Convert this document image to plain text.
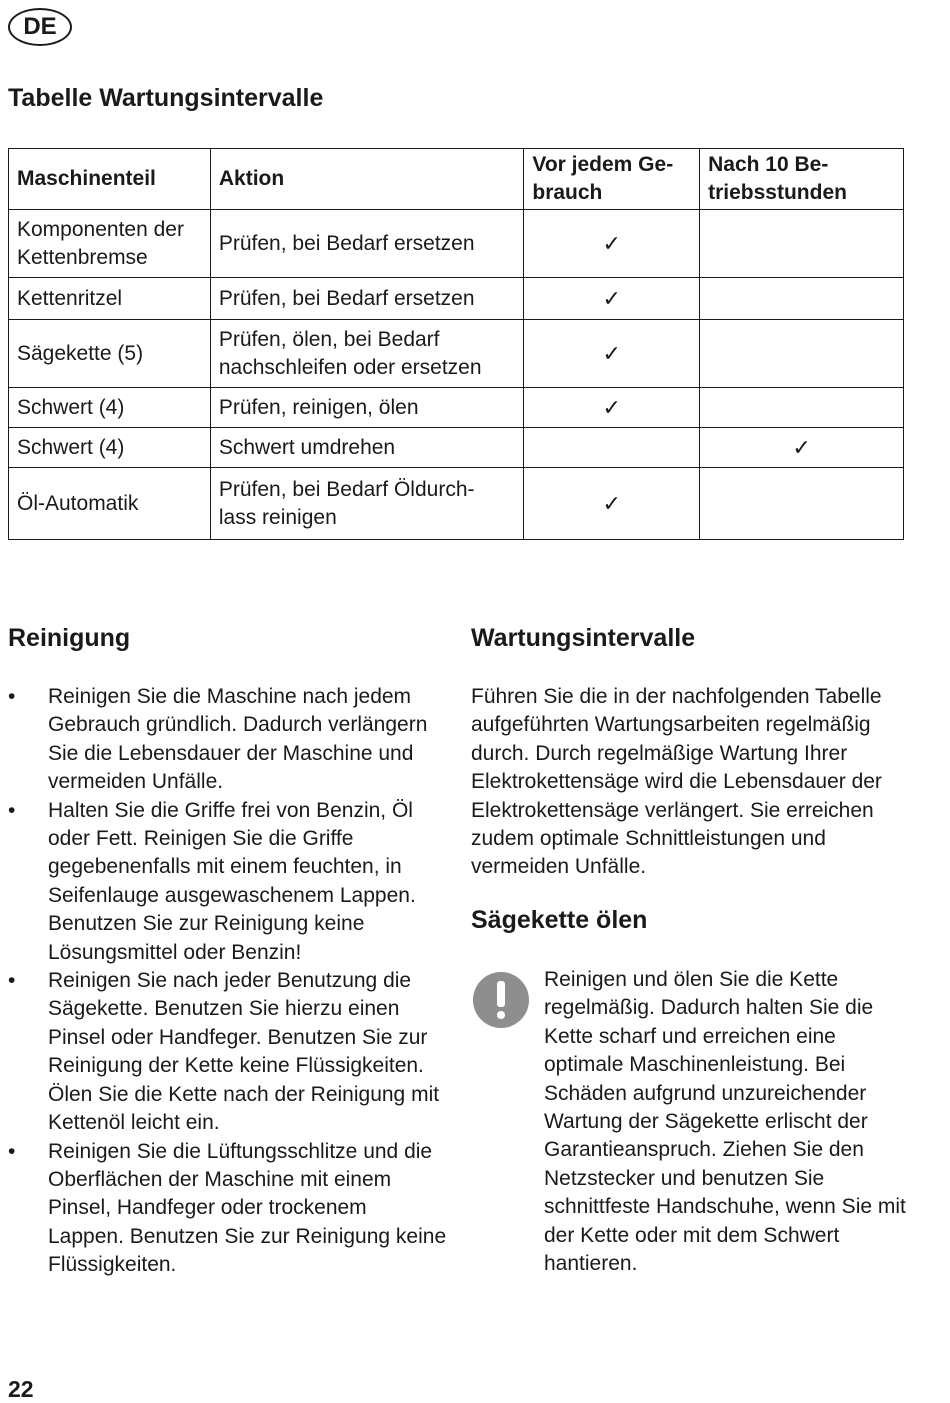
DE
Tabelle Wartungsintervalle
Maschinenteil	Aktion	Vor jedem Ge- brauch	Nach 10 Be- triebsstunden
Komponenten der Kettenbremse	Prüfen, bei Bedarf ersetzen	✓	
Kettenritzel	Prüfen, bei Bedarf ersetzen	✓	
Sägekette (5)	Prüfen, ölen, bei Bedarf nachschleifen oder ersetzen	✓	
Schwert (4)	Prüfen, reinigen, ölen	✓	
Schwert (4)	Schwert umdrehen		✓
Öl-Automatik	Prüfen, bei Bedarf Öldurch- lass reinigen	✓	
Reinigung
• Reinigen Sie die Maschine nach jedem Gebrauch gründlich. Dadurch verlängern Sie die Lebensdauer der Maschine und vermeiden Unfälle.
• Halten Sie die Griffe frei von Benzin, Öl oder Fett. Reinigen Sie die Griffe gegebenenfalls mit einem feuchten, in Seifenlauge ausgewaschenem Lappen. Benutzen Sie zur Reinigung keine Lösungsmittel oder Benzin!
• Reinigen Sie nach jeder Benutzung die Sägekette. Benutzen Sie hierzu einen Pinsel oder Handfeger. Benutzen Sie zur Reinigung der Kette keine Flüssigkeiten. Ölen Sie die Kette nach der Reinigung mit Kettenöl leicht ein.
• Reinigen Sie die Lüftungsschlitze und die Oberflächen der Maschine mit einem Pinsel, Handfeger oder trockenem Lappen. Benutzen Sie zur Reinigung keine Flüssigkeiten.
Wartungsintervalle

Führen Sie die in der nachfolgenden Tabelle aufgeführten Wartungsarbeiten regelmäßig durch. Durch regelmäßige Wartung Ihrer Elektrokettensäge wird die Lebensdauer der Elektrokettensäge verlängert. Sie erreichen zudem optimale Schnittleistungen und vermeiden Unfälle.

Sägekette ölen

Reinigen und ölen Sie die Kette regelmäßig. Dadurch halten Sie die Kette scharf und erreichen eine optimale Maschinenleistung. Bei Schäden aufgrund unzureichender Wartung der Sägekette erlischt der Garantieanspruch. Ziehen Sie den Netzstecker und benutzen Sie schnittfeste Handschuhe, wenn Sie mit der Kette oder mit dem Schwert hantieren.

22
